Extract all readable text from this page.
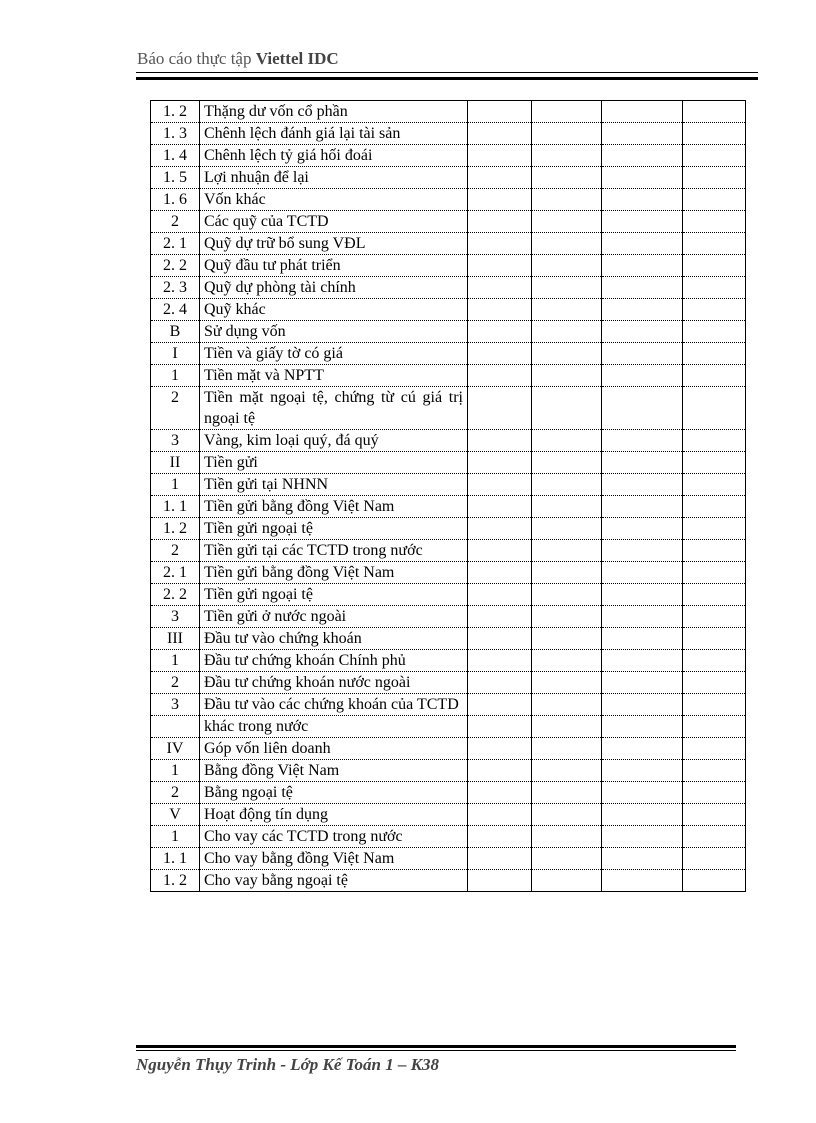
Báo cáo thực tập Viettel IDC
1. 2	Thặng dư vốn cổ phần				
1. 3	Chênh lệch đánh giá lại tài sản				
1. 4	Chênh lệch tỷ giá hối đoái				
1. 5	Lợi nhuận để lại				
1. 6	Vốn khác				
2	Các quỹ của TCTD				
2. 1	Quỹ dự trữ bổ sung VĐL				
2. 2	Quỹ đầu tư phát triển				
2. 3	Quỹ dự phòng tài chính				
2. 4	Quỹ khác				
B	Sử dụng vốn				
I	Tiền và giấy tờ có giá				
1	Tiền mặt và NPTT				
2	Tiền mặt ngoại tệ, chứng từ cú giá trị ngoại tệ				
3	Vàng, kim loại quý, đá quý				
II	Tiền gửi				
1	Tiền gửi tại NHNN				
1. 1	Tiền gửi bằng đồng Việt Nam				
1. 2	Tiền gửi ngoại tệ				
2	Tiền gửi tại các TCTD trong nước				
2. 1	Tiền gửi bằng đồng Việt Nam				
2. 2	Tiền gửi ngoại tệ				
3	Tiền gửi ở nước ngoài				
III	Đầu tư vào chứng khoán				
1	Đầu tư chứng khoán Chính phủ				
2	Đầu tư chứng khoán nước ngoài				
3	Đầu tư vào các chứng khoán của TCTD				
	khác trong nước				
IV	Góp vốn liên doanh				
1	Bằng đồng Việt Nam				
2	Bằng ngoại tệ				
V	Hoạt động tín dụng				
1	Cho vay các TCTD trong nước				
1. 1	Cho vay bằng đồng Việt Nam				
1. 2	Cho vay bằng ngoại tệ				
Nguyễn Thụy Trinh - Lớp Kế Toán 1 – K38
